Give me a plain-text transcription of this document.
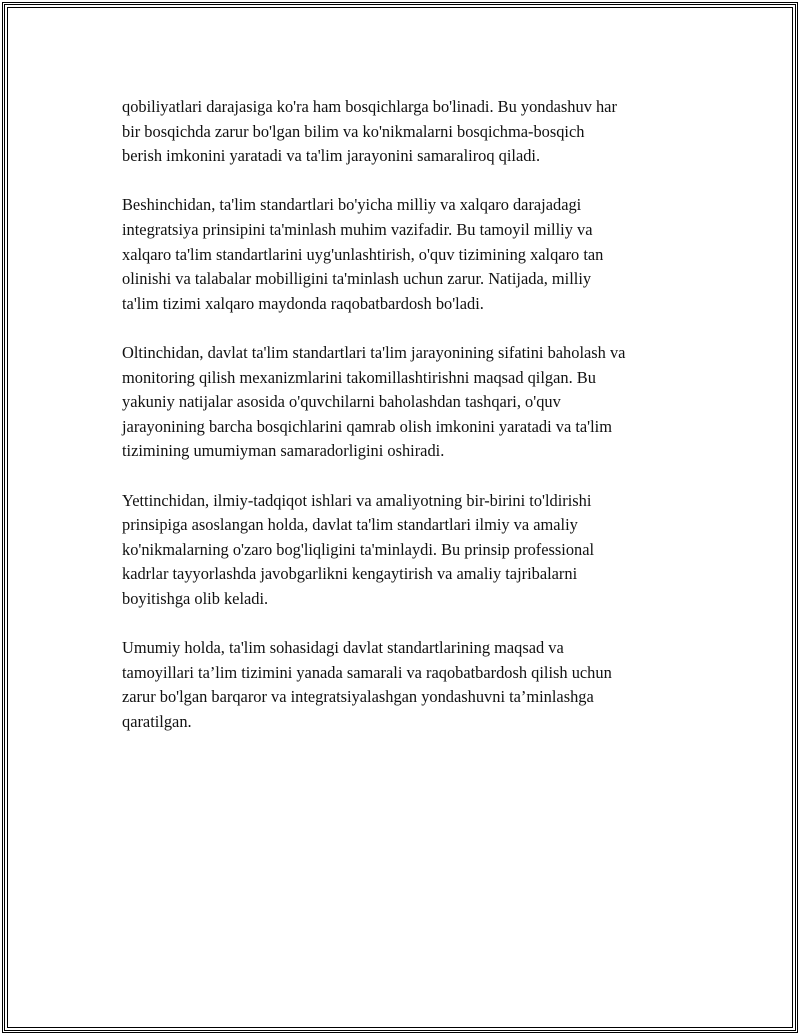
qobiliyatlari darajasiga ko'ra ham bosqichlarga bo'linadi. Bu yondashuv har
bir bosqichda zarur bo'lgan bilim va ko'nikmalarni bosqichma-bosqich
berish imkonini yaratadi va ta'lim jarayonini samaraliroq qiladi.

Beshinchidan, ta'lim standartlari bo'yicha milliy va xalqaro darajadagi
integratsiya prinsipini ta'minlash muhim vazifadir. Bu tamoyil milliy va
xalqaro ta'lim standartlarini uyg'unlashtirish, o'quv tizimining xalqaro tan
olinishi va talabalar mobilligini ta'minlash uchun zarur. Natijada, milliy
ta'lim tizimi xalqaro maydonda raqobatbardosh bo'ladi.

Oltinchidan, davlat ta'lim standartlari ta'lim jarayonining sifatini baholash va
monitoring qilish mexanizmlarini takomillashtirishni maqsad qilgan. Bu
yakuniy natijalar asosida o'quvchilarni baholashdan tashqari, o'quv
jarayonining barcha bosqichlarini qamrab olish imkonini yaratadi va ta'lim
tizimining umumiyman samaradorligini oshiradi.

Yettinchidan, ilmiy-tadqiqot ishlari va amaliyotning bir-birini to'ldirishi
prinsipiga asoslangan holda, davlat ta'lim standartlari ilmiy va amaliy
ko'nikmalarning o'zaro bog'liqligini ta'minlaydi. Bu prinsip professional
kadrlar tayyorlashda javobgarlikni kengaytirish va amaliy tajribalarni
boyitishga olib keladi.

Umumiy holda, ta'lim sohasidagi davlat standartlarining maqsad va
tamoyillari ta’lim tizimini yanada samarali va raqobatbardosh qilish uchun
zarur bo'lgan barqaror va integratsiyalashgan yondashuvni ta’minlashga
qaratilgan.
